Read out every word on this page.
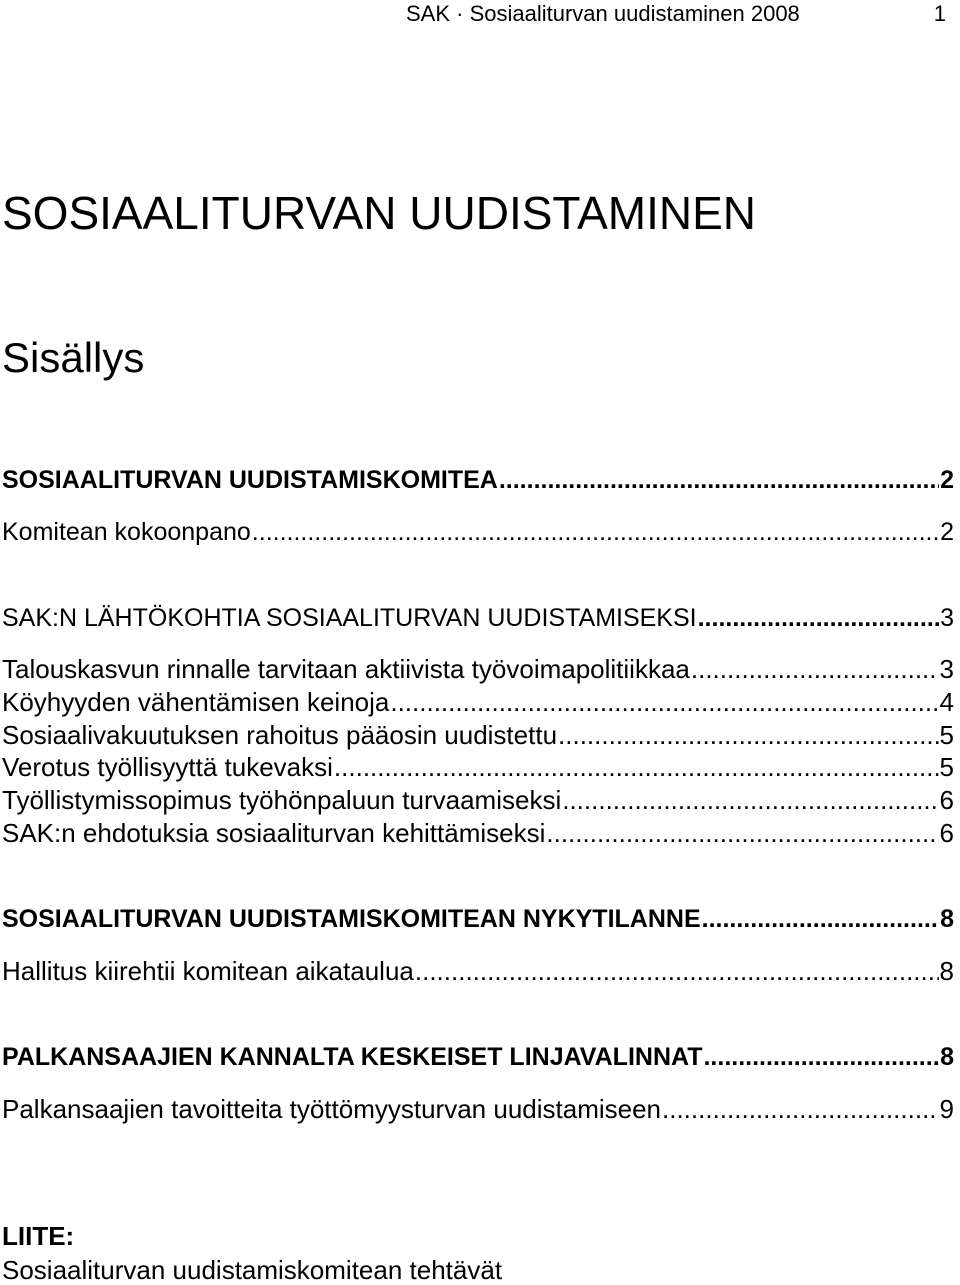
SAK · Sosiaaliturvan uudistaminen 2008	1
SOSIAALITURVAN UUDISTAMINEN
Sisällys
SOSIAALITURVAN UUDISTAMISKOMITEA .....	2
Komitean kokoonpano .....	2
SAK:N LÄHTÖKOHTIA SOSIAALITURVAN UUDISTAMISEKSI .....	3
Talouskasvun rinnalle tarvitaan aktiivista työvoimapolitiikkaa .....	3
Köyhyyden vähentämisen keinoja .....	4
Sosiaalivakuutuksen rahoitus pääosin uudistettu .....	5
Verotus työllisyyttä tukevaksi .....	5
Työllistymissopimus työhönpaluun turvaamiseksi .....	6
SAK:n ehdotuksia sosiaaliturvan kehittämiseksi .....	6
SOSIAALITURVAN UUDISTAMISKOMITEAN NYKYTILANNE .....	8
Hallitus kiirehtii komitean aikataulua .....	8
PALKANSAAJIEN KANNALTA KESKEISET LINJAVALINNAT .....	8
Palkansaajien tavoitteita työttömyysturvan uudistamiseen .....	9
LIITE:
Sosiaaliturvan uudistamiskomitean tehtävät
